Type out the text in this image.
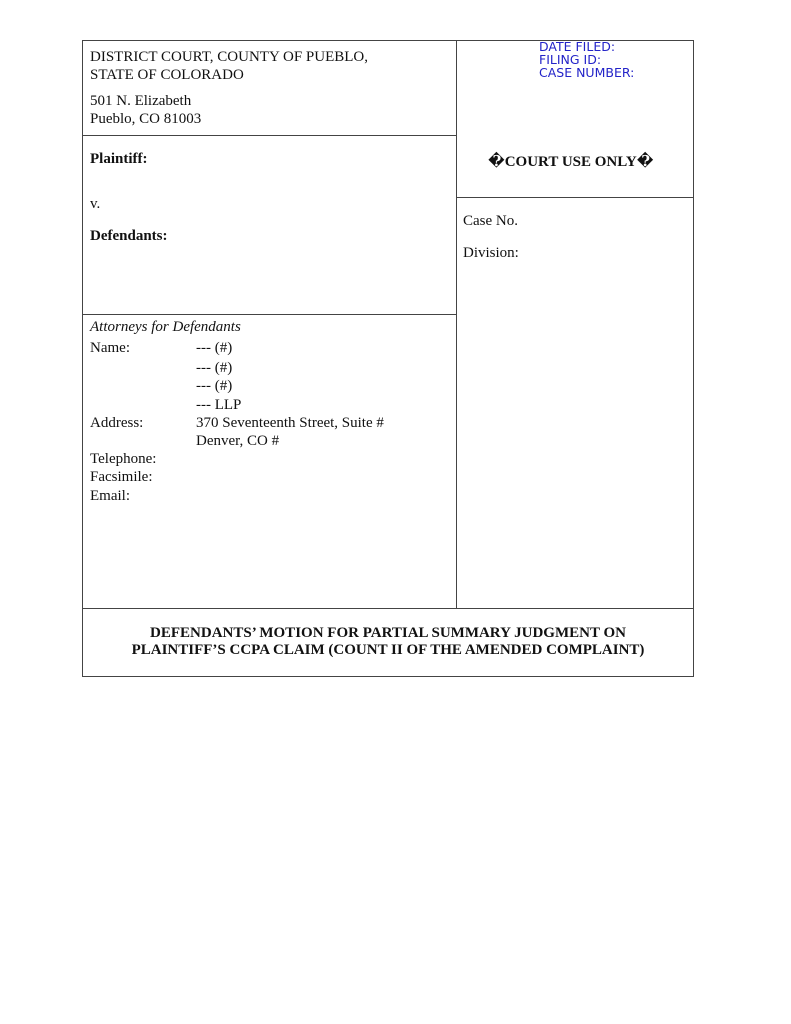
DISTRICT COURT, COUNTY OF PUEBLO,
STATE OF COLORADO
501 N. Elizabeth
Pueblo, CO 81003
DATE FILED:
FILING ID:
CASE NUMBER:
Plaintiff:
v.
Defendants:
�COURT USE ONLY�
Case No.
Division:
Attorneys for Defendants
Name:	--- (#)
--- (#)
--- (#)
--- LLP
Address:	370 Seventeenth Street, Suite #
Denver, CO #
Telephone:
Facsimile:
Email:
DEFENDANTS’ MOTION FOR PARTIAL SUMMARY JUDGMENT ON
PLAINTIFF’S CCPA CLAIM (COUNT II OF THE AMENDED COMPLAINT)
